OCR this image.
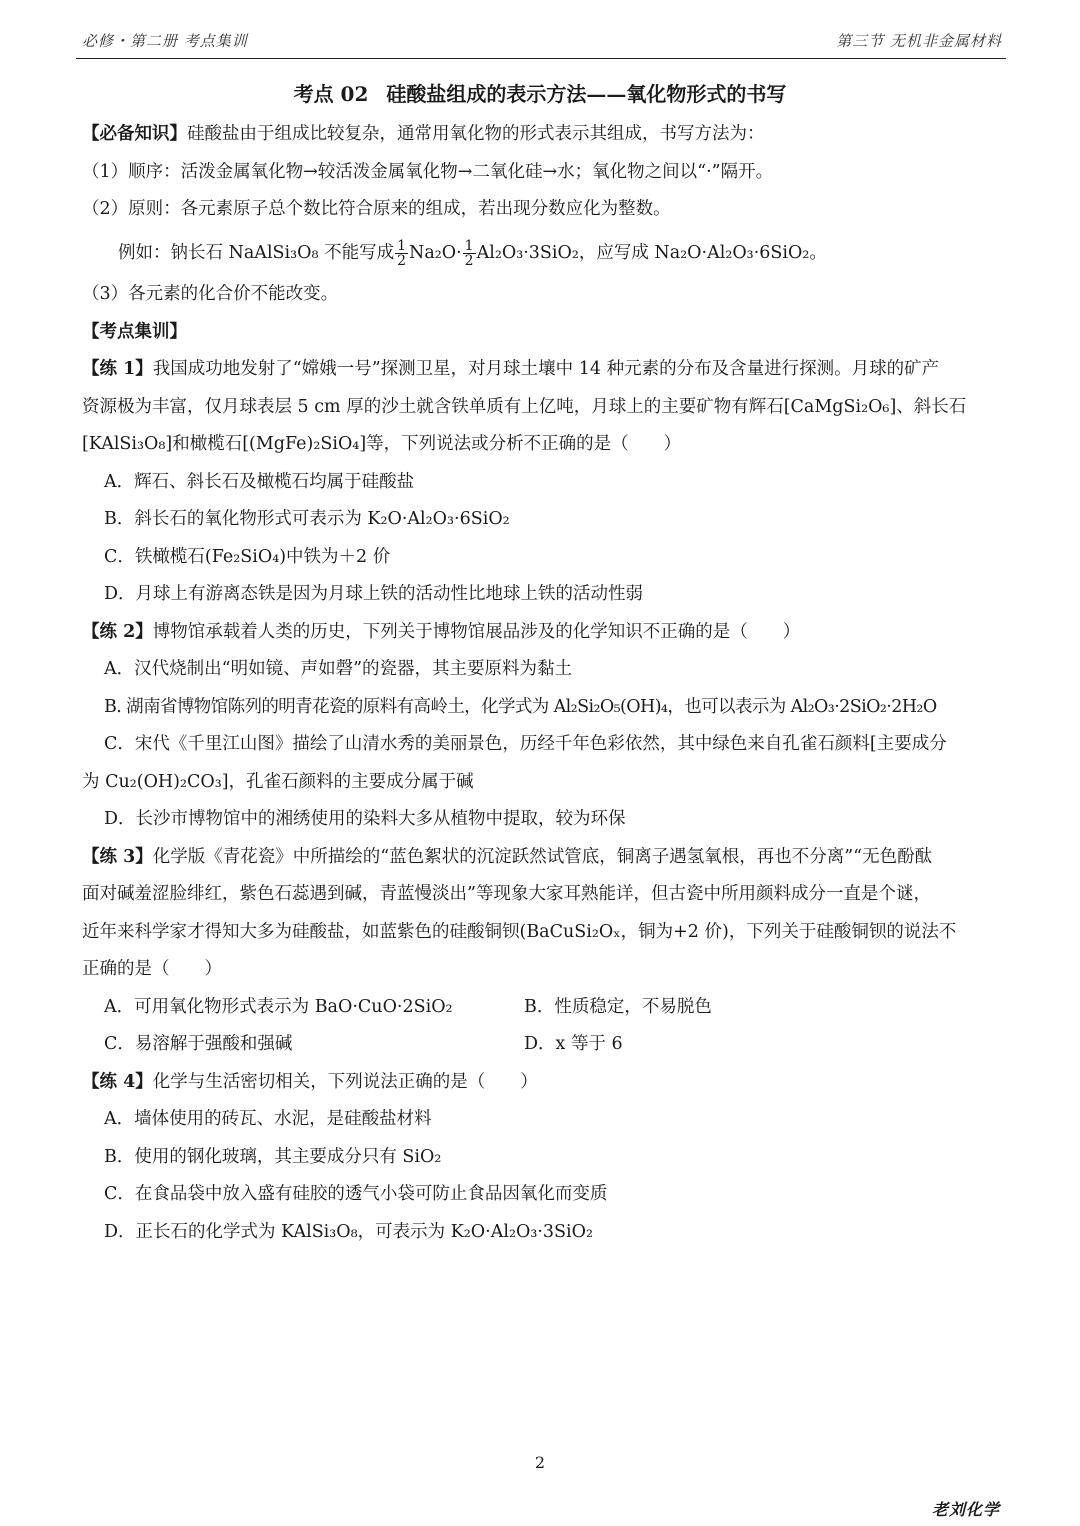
必修・第二册 考点集训	第三节 无机非金属材料
考点 02 硅酸盐组成的表示方法——氧化物形式的书写

【必备知识】硅酸盐由于组成比较复杂，通常用氧化物的形式表示其组成，书写方法为：

（1）顺序：活泼金属氧化物→较活泼金属氧化物→二氧化硅→水；氧化物之间以“·”隔开。

（2）原则：各元素原子总个数比符合原来的组成，若出现分数应化为整数。

例如：钠长石 NaAlSi₃O₈ 不能写成 $\frac{1}{2} Na_2O\cdot \frac{1}{2} Al_2O_3\cdot 3SiO_2$，应写成 Na₂O·Al₂O₃·6SiO₂。

（3）各元素的化合价不能改变。

【考点集训】

【练 1】我国成功地发射了“嫦娥一号”探测卫星，对月球土壤中 14 种元素的分布及含量进行探测。月球的矿产

资源极为丰富，仅月球表层 5 cm 厚的沙土就含铁单质有上亿吨，月球上的主要矿物有辉石[CaMgSi₂O₆]、斜长石

[KAlSi₃O₈]和橄榄石[(MgFe)₂SiO₄]等，下列说法或分析不正确的是（　　）

A．辉石、斜长石及橄榄石均属于硅酸盐

B．斜长石的氧化物形式可表示为 K₂O·Al₂O₃·6SiO₂

C．铁橄榄石(Fe₂SiO₄)中铁为＋2 价

D．月球上有游离态铁是因为月球上铁的活动性比地球上铁的活动性弱

【练 2】博物馆承载着人类的历史，下列关于博物馆展品涉及的化学知识不正确的是（　　）

A．汉代烧制出“明如镜、声如磬”的瓷器，其主要原料为黏土

B. 湖南省博物馆陈列的明青花瓷的原料有高岭土，化学式为 Al₂Si₂O₅(OH)₄，也可以表示为 Al₂O₃·2SiO₂·2H₂O

C．宋代《千里江山图》描绘了山清水秀的美丽景色，历经千年色彩依然，其中绿色来自孔雀石颜料[主要成分

为 Cu₂(OH)₂CO₃]，孔雀石颜料的主要成分属于碱

D．长沙市博物馆中的湘绣使用的染料大多从植物中提取，较为环保

【练 3】化学版《青花瓷》中所描绘的“蓝色絮状的沉淀跃然试管底，铜离子遇氢氧根，再也不分离”“无色酚酞

面对碱羞涩脸绯红，紫色石蕊遇到碱，青蓝慢淡出”等现象大家耳熟能详，但古瓷中所用颜料成分一直是个谜，

近年来科学家才得知大多为硅酸盐，如蓝紫色的硅酸铜钡(BaCuSi₂Oₓ，铜为+2 价)，下列关于硅酸铜钡的说法不

正确的是（　　）

A．可用氧化物形式表示为 BaO·CuO·2SiO₂	B．性质稳定，不易脱色
C．易溶解于强酸和强碱	D．x 等于 6

【练 4】化学与生活密切相关，下列说法正确的是（　　）

A．墙体使用的砖瓦、水泥，是硅酸盐材料

B．使用的钢化玻璃，其主要成分只有 SiO₂

C．在食品袋中放入盛有硅胶的透气小袋可防止食品因氧化而变质

D．正长石的化学式为 KAlSi₃O₈，可表示为 K₂O·Al₂O₃·3SiO₂

2
老刘化学
